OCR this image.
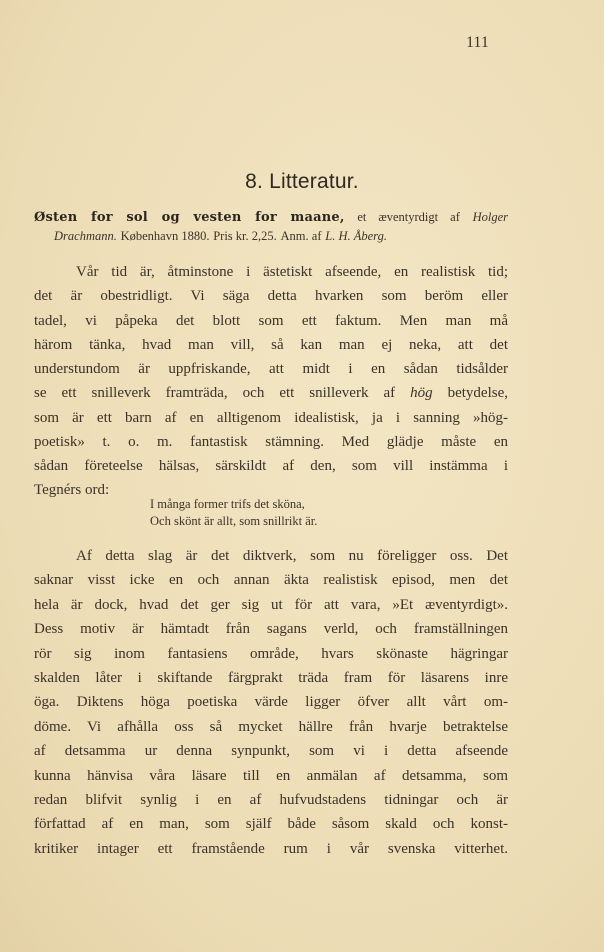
111
8. Litteratur.
Østen for sol og vesten for maane, et æventyrdigt af Holger
Drachmann. København 1880. Pris kr. 2,25. Anm. af L. H. Åberg.
Vår tid är, åtminstone i ästetiskt afseende, en realistisk tid;
det är obestridligt. Vi säga detta hvarken som beröm eller
tadel, vi påpeka det blott som ett faktum. Men man må
härom tänka, hvad man vill, så kan man ej neka, att det
understundom är uppfriskande, att midt i en sådan tidsålder
se ett snilleverk framträda, och ett snilleverk af hög betydelse,
som är ett barn af en alltigenom idealistisk, ja i sanning »hög-
poetisk» t. o. m. fantastisk stämning. Med glädje måste en
sådan företeelse hälsas, särskildt af den, som vill instämma i
Tegnérs ord:
I många former trifs det sköna,
Och skönt är allt, som snillrikt är.
Af detta slag är det diktverk, som nu föreligger oss. Det
saknar visst icke en och annan äkta realistisk episod, men det
hela är dock, hvad det ger sig ut för att vara, »Et æventyrdigt».
Dess motiv är hämtadt från sagans verld, och framställningen
rör sig inom fantasiens område, hvars skönaste hägringar
skalden låter i skiftande färgprakt träda fram för läsarens inre
öga. Diktens höga poetiska värde ligger öfver allt vårt om-
döme. Vi afhålla oss så mycket hällre från hvarje betraktelse
af detsamma ur denna synpunkt, som vi i detta afseende
kunna hänvisa våra läsare till en anmälan af detsamma, som
redan blifvit synlig i en af hufvudstadens tidningar och är
författad af en man, som själf både såsom skald och konst-
kritiker intager ett framstående rum i vår svenska vitterhet.
